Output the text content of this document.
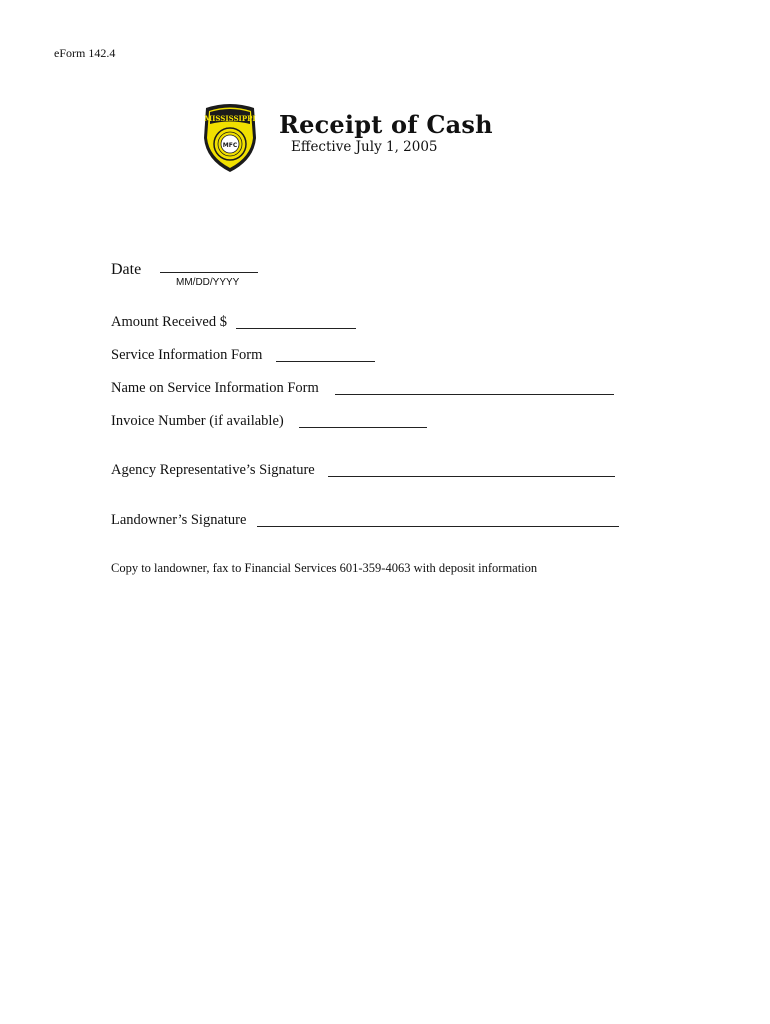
eForm 142.4
MISSISSIPPI
MFC
Receipt of Cash
Effective July 1, 2005
Date
MM/DD/YYYY
Amount Received $
Service Information Form
Name on Service Information Form
Invoice Number (if available)
Agency Representative’s Signature
Landowner’s Signature
Copy to landowner, fax to Financial Services 601-359-4063 with deposit information
